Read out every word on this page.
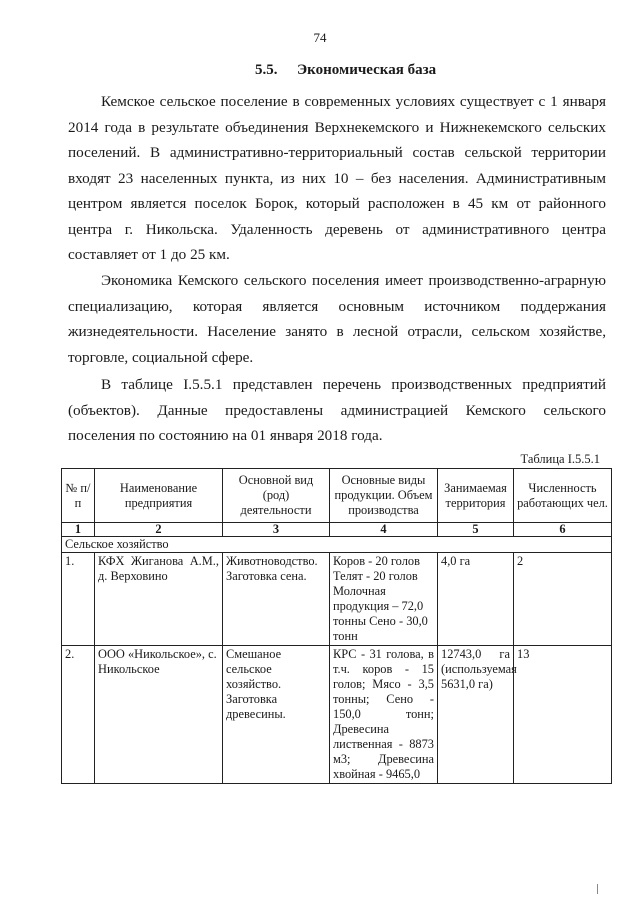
74
5.5. Экономическая база

Кемское сельское поселение в современных условиях существует с 1 января 2014 года в результате объединения Верхнекемского и Нижнекемского сельских поселений. В административно-территориальный состав сельской территории входят 23 населенных пункта, из них 10 – без населения. Административным центром является поселок Борок, который расположен в 45 км от районного центра г. Никольска. Удаленность деревень от административного центра составляет от 1 до 25 км.

Экономика Кемского сельского поселения имеет производственно-аграрную специализацию, которая является основным источником поддержания жизнедеятельности. Население занято в лесной отрасли, сельском хозяйстве, торговле, социальной сфере.

В таблице I.5.5.1 представлен перечень производственных предприятий (объектов). Данные предоставлены администрацией Кемского сельского поселения по состоянию на 01 января 2018 года.

Таблица I.5.5.1
№ п/ п	Наименование предприятия	Основной вид (род) деятельности	Основные виды продукции. Объем производства	Занимаемая территория	Численность работающих чел.
1	2	3	4	5	6
Сельское хозяйство					
1.	КФХ Жиганова А.М., д. Верховино	Животноводство. Заготовка сена.	Коров - 20 голов Телят - 20 голов Молочная продукция – 72,0 тонны Сено - 30,0 тонн	4,0 га	2
2.	ООО «Никольское», с. Никольское	Смешаное сельское хозяйство. Заготовка древесины.	КРС - 31 голова, в т.ч. коров - 15 голов; Мясо - 3,5 тонны; Сено - 150,0 тонн; Древесина лиственная - 8873 м3; Древесина хвойная - 9465,0	12743,0 га (используемая 5631,0 га)	13
